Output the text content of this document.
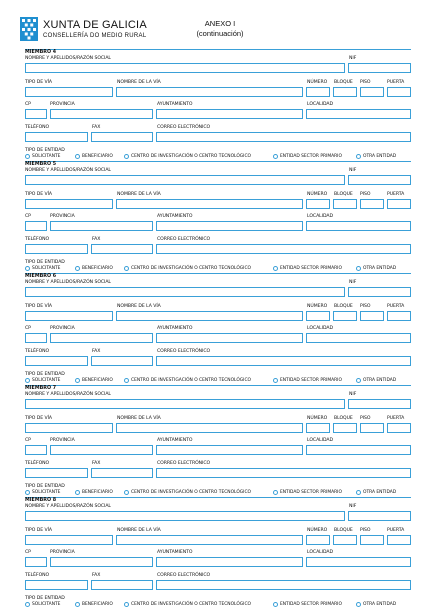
XUNTA DE GALICIA
CONSELLERÍA DO MEDIO RURAL
ANEXO I
(continuación)
MIEMBRO 4
NOMBRE Y APELLIDOS/RAZÓN SOCIAL	NIF
TIPO DE VÍA	NOMBRE DE LA VÍA	NÚMERO BLOQUE PISO	PUERTA
CP	PROVINCIA	AYUNTAMIENTO	LOCALIDAD
TELÉFONO	FAX	CORREO ELECTRÓNICO
TIPO DE ENTIDAD
SOLICITANTE	BENEFICIARIO	CENTRO DE INVESTIGACIÓN O CENTRO TECNOLÓGICO	ENTIDAD SECTOR PRIMARIO	OTRA ENTIDAD
MIEMBRO 5
NOMBRE Y APELLIDOS/RAZÓN SOCIAL	NIF
TIPO DE VÍA	NOMBRE DE LA VÍA	NÚMERO BLOQUE PISO	PUERTA
CP	PROVINCIA	AYUNTAMIENTO	LOCALIDAD
TELÉFONO	FAX	CORREO ELECTRÓNICO
TIPO DE ENTIDAD
SOLICITANTE	BENEFICIARIO	CENTRO DE INVESTIGACIÓN O CENTRO TECNOLÓGICO	ENTIDAD SECTOR PRIMARIO	OTRA ENTIDAD
MIEMBRO 6
NOMBRE Y APELLIDOS/RAZÓN SOCIAL	NIF
TIPO DE VÍA	NOMBRE DE LA VÍA	NÚMERO BLOQUE PISO	PUERTA
CP	PROVINCIA	AYUNTAMIENTO	LOCALIDAD
TELÉFONO	FAX	CORREO ELECTRÓNICO
TIPO DE ENTIDAD
SOLICITANTE	BENEFICIARIO	CENTRO DE INVESTIGACIÓN O CENTRO TECNOLÓGICO	ENTIDAD SECTOR PRIMARIO	OTRA ENTIDAD
MIEMBRO 7
NOMBRE Y APELLIDOS/RAZÓN SOCIAL	NIF
TIPO DE VÍA	NOMBRE DE LA VÍA	NÚMERO BLOQUE PISO	PUERTA
CP	PROVINCIA	AYUNTAMIENTO	LOCALIDAD
TELÉFONO	FAX	CORREO ELECTRÓNICO
TIPO DE ENTIDAD
SOLICITANTE	BENEFICIARIO	CENTRO DE INVESTIGACIÓN O CENTRO TECNOLÓGICO	ENTIDAD SECTOR PRIMARIO	OTRA ENTIDAD
MIEMBRO 8
NOMBRE Y APELLIDOS/RAZÓN SOCIAL	NIF
TIPO DE VÍA	NOMBRE DE LA VÍA	NÚMERO BLOQUE PISO	PUERTA
CP	PROVINCIA	AYUNTAMIENTO	LOCALIDAD
TELÉFONO	FAX	CORREO ELECTRÓNICO
TIPO DE ENTIDAD
SOLICITANTE	BENEFICIARIO	CENTRO DE INVESTIGACIÓN O CENTRO TECNOLÓGICO	ENTIDAD SECTOR PRIMARIO	OTRA ENTIDAD
